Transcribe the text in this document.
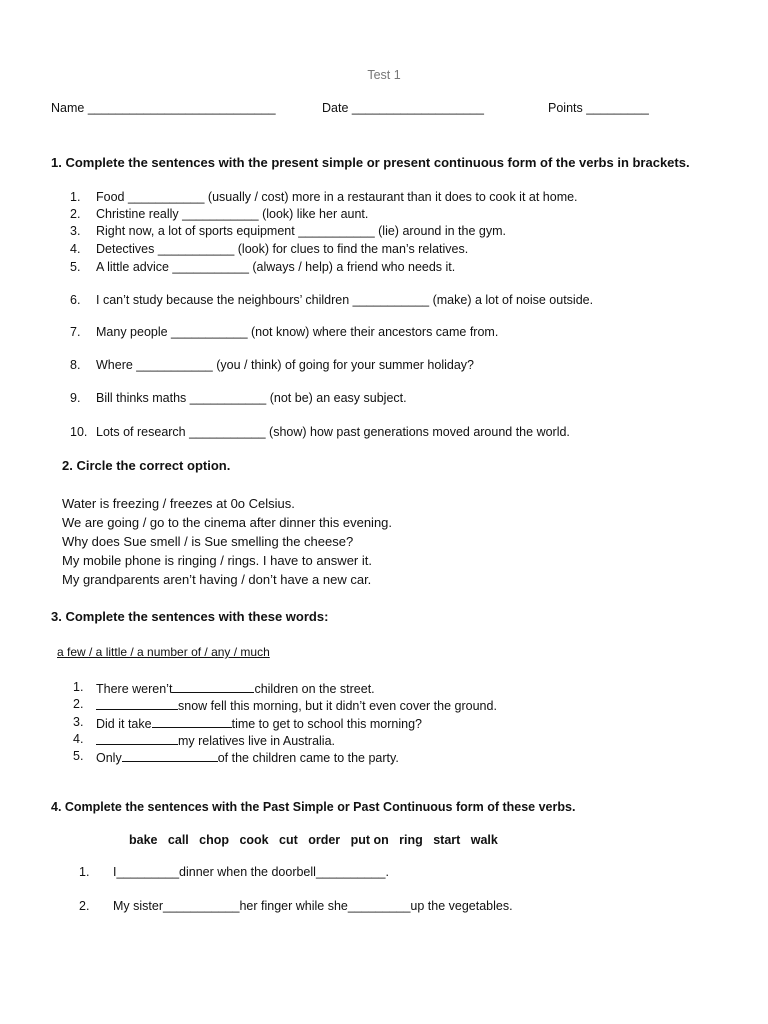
Test 1
Name ___________________________	Date ___________________	Points _________
1. Complete the sentences with the present simple or present continuous form of the verbs in brackets.
1. Food ___________ (usually / cost) more in a restaurant than it does to cook it at home.
2. Christine really ___________ (look) like her aunt.
3. Right now, a lot of sports equipment ___________ (lie) around in the gym.
4. Detectives ___________ (look) for clues to find the man’s relatives.
5. A little advice ___________ (always / help) a friend who needs it.
6. I can’t study because the neighbours’ children ___________ (make) a lot of noise outside.
7. Many people ___________ (not know) where their ancestors came from.
8. Where ___________ (you / think) of going for your summer holiday?
9. Bill thinks maths ___________ (not be) an easy subject.
10. Lots of research ___________ (show) how past generations moved around the world.
2. Circle the correct option.
Water is freezing / freezes at 0o Celsius.
We are going / go to the cinema after dinner this evening.
Why does Sue smell / is Sue smelling the cheese?
My mobile phone is ringing / rings. I have to answer it.
My grandparents aren’t having / don’t have a new car.
3. Complete the sentences with these words:
a few / a little / a number of / any / much
1. There weren’t	children on the street.
2.	snow fell this morning, but it didn’t even cover the ground.
3. Did it take	time to get to school this morning?
4.	my relatives live in Australia.
5. Only	of the children came to the party.
4. Complete the sentences with the Past Simple or Past Continuous form of these verbs.
bake   call   chop   cook   cut   order   put on   ring   start   walk
1. I_________dinner when the doorbell__________.
2. My sister___________her finger while she_________up the vegetables.
